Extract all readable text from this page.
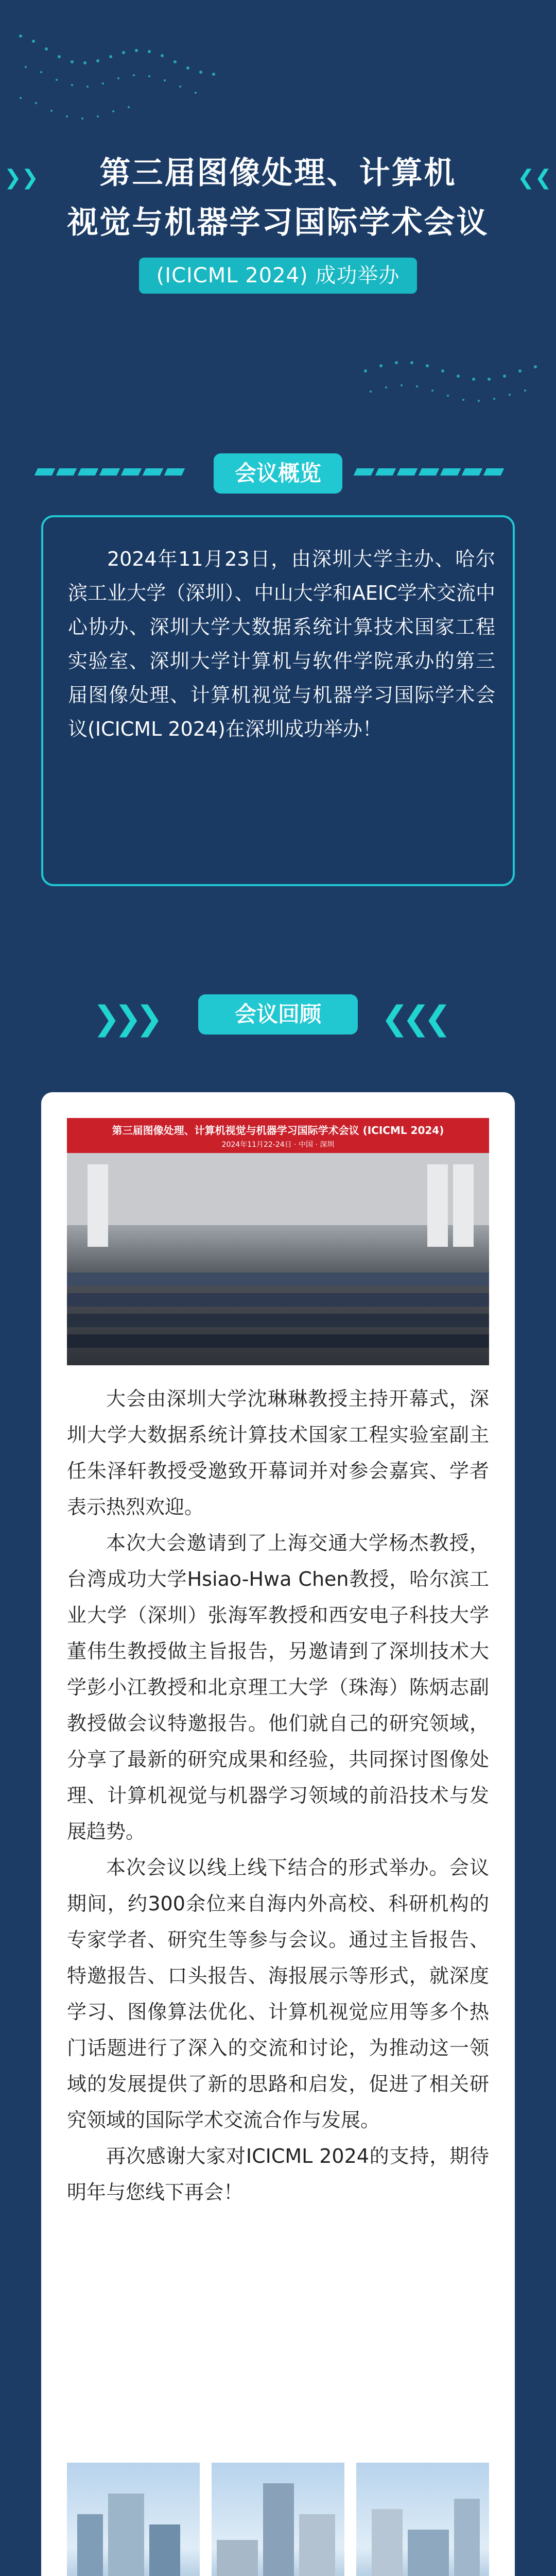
❯❯	❮❮
第三届图像处理、计算机
视觉与机器学习国际学术会议
(ICICML 2024) 成功举办
会议概览
2024年11月23日，由深圳大学主办、哈尔滨工业大学（深圳）、中山大学和AEIC学术交流中心协办、深圳大学大数据系统计算技术国家工程实验室、深圳大学计算机与软件学院承办的第三届图像处理、计算机视觉与机器学习国际学术会议(ICICML 2024)在深圳成功举办！
❯❯❯	会议回顾	❮❮❮
第三届图像处理、计算机视觉与机器学习国际学术会议 (ICICML 2024)
2024年11月22-24日 · 中国 · 深圳

大会由深圳大学沈琳琳教授主持开幕式，深圳大学大数据系统计算技术国家工程实验室副主任朱泽轩教授受邀致开幕词并对参会嘉宾、学者表示热烈欢迎。

本次大会邀请到了上海交通大学杨杰教授，台湾成功大学Hsiao-Hwa Chen教授，哈尔滨工业大学（深圳）张海军教授和西安电子科技大学董伟生教授做主旨报告，另邀请到了深圳技术大学彭小江教授和北京理工大学（珠海）陈炳志副教授做会议特邀报告。他们就自己的研究领域，分享了最新的研究成果和经验，共同探讨图像处理、计算机视觉与机器学习领域的前沿技术与发展趋势。

本次会议以线上线下结合的形式举办。会议期间，约300余位来自海内外高校、科研机构的专家学者、研究生等参与会议。通过主旨报告、特邀报告、口头报告、海报展示等形式，就深度学习、图像算法优化、计算机视觉应用等多个热门话题进行了深入的交流和讨论，为推动这一领域的发展提供了新的思路和启发，促进了相关研究领域的国际学术交流合作与发展。

再次感谢大家对ICICML 2024的支持，期待明年与您线下再会！
